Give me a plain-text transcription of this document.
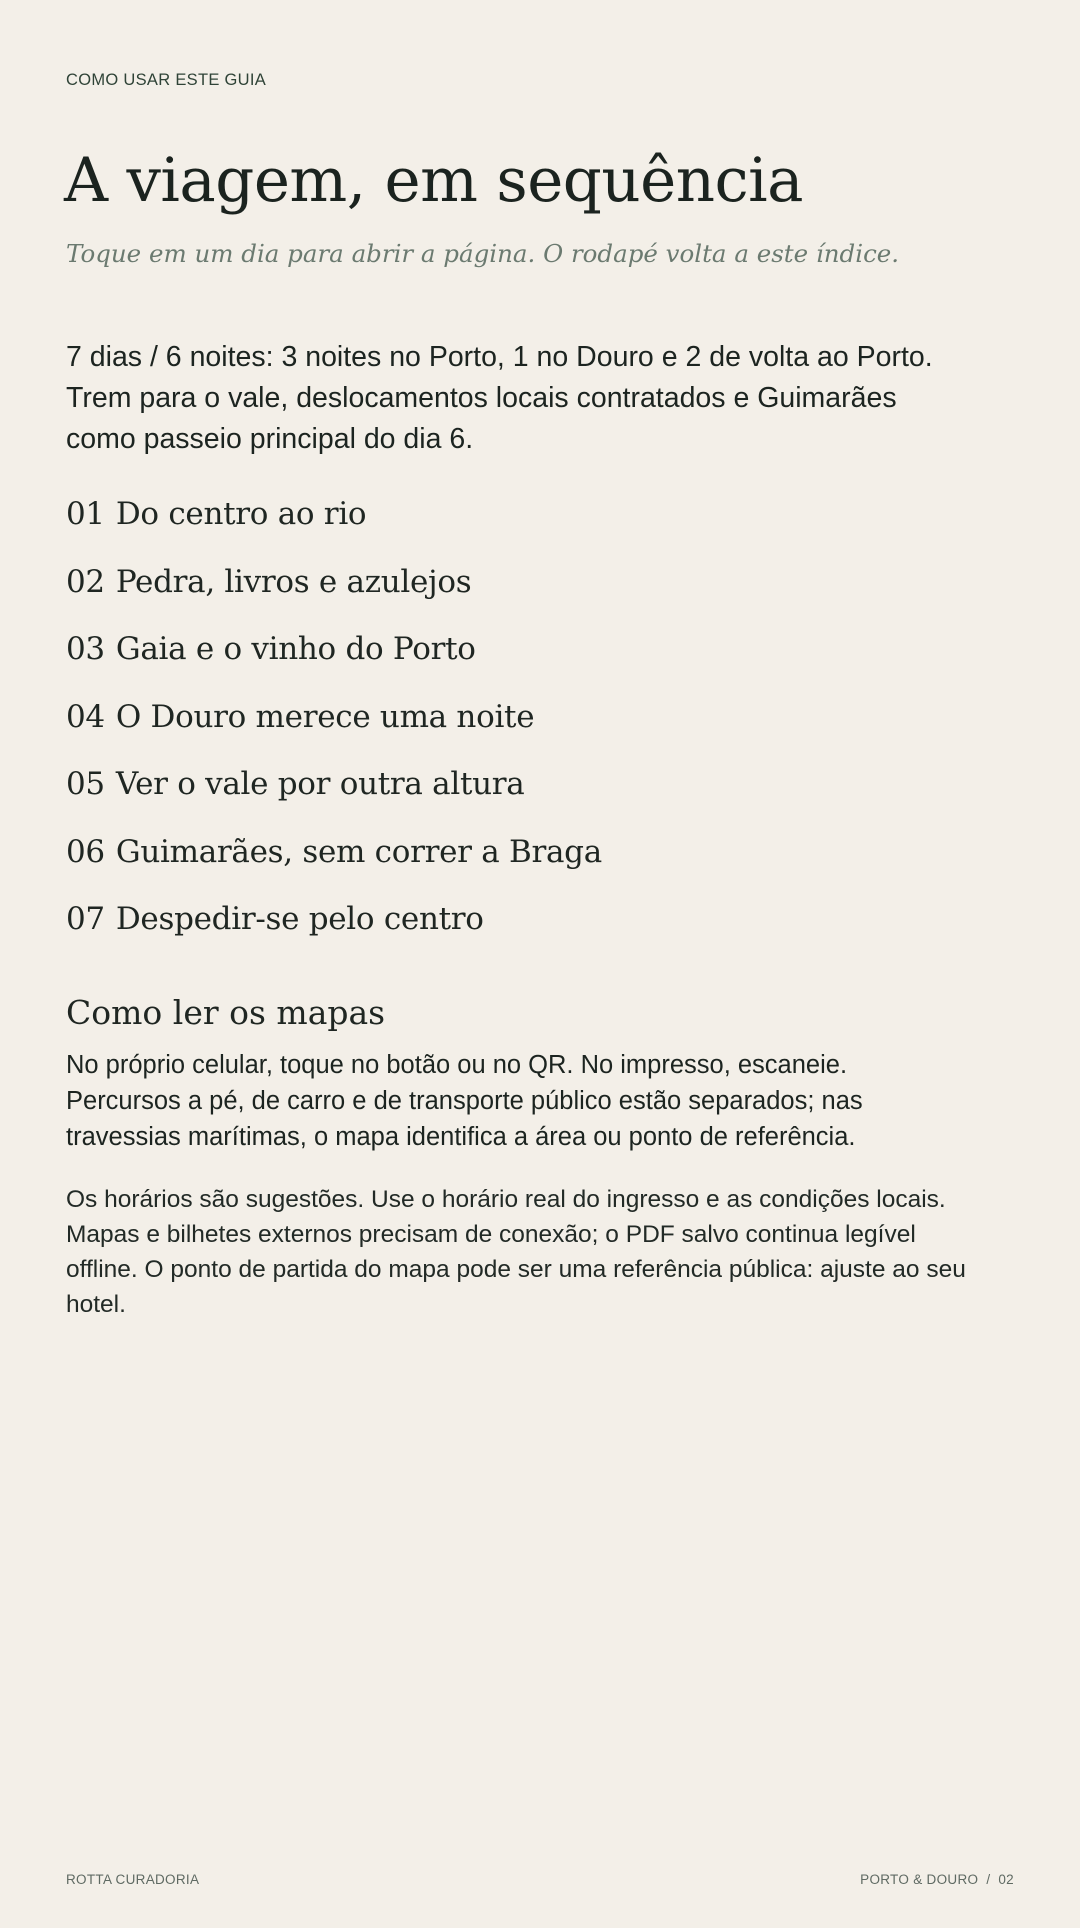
COMO USAR ESTE GUIA

A viagem, em sequência

Toque em um dia para abrir a página. O rodapé volta a este índice.

7 dias / 6 noites: 3 noites no Porto, 1 no Douro e 2 de volta ao Porto.
Trem para o vale, deslocamentos locais contratados e Guimarães
como passeio principal do dia 6.

01 Do centro ao rio
02 Pedra, livros e azulejos
03 Gaia e o vinho do Porto
04 O Douro merece uma noite
05 Ver o vale por outra altura
06 Guimarães, sem correr a Braga
07 Despedir-se pelo centro
Como ler os mapas

No próprio celular, toque no botão ou no QR. No impresso, escaneie.
Percursos a pé, de carro e de transporte público estão separados; nas
travessias marítimas, o mapa identifica a área ou ponto de referência.

Os horários são sugestões. Use o horário real do ingresso e as condições locais.
Mapas e bilhetes externos precisam de conexão; o PDF salvo continua legível
offline. O ponto de partida do mapa pode ser uma referência pública: ajuste ao seu
hotel.

ROTTA CURADORIA	PORTO & DOURO / 02
